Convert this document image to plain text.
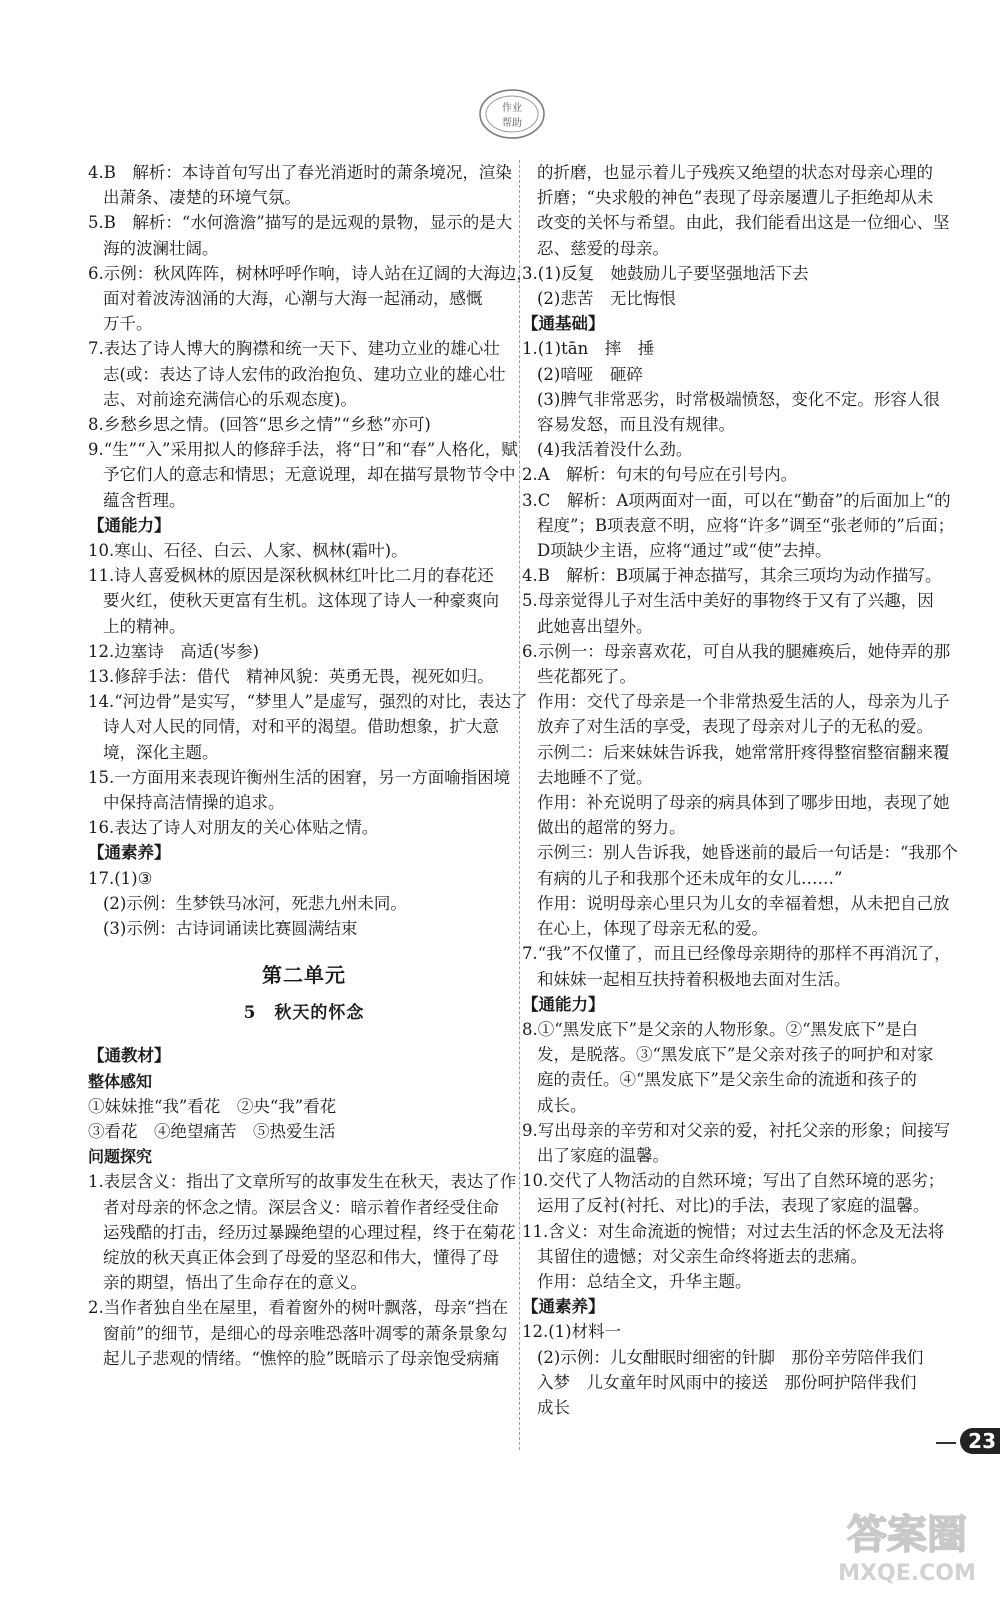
作业
帮助
4.B　解析：本诗首句写出了春光消逝时的萧条境况，渲染
出萧条、凄楚的环境气氛。
5.B　解析：“水何澹澹”描写的是远观的景物，显示的是大
海的波澜壮阔。
6.示例：秋风阵阵，树林呼呼作响，诗人站在辽阔的大海边，
面对着波涛汹涌的大海，心潮与大海一起涌动，感慨
万千。
7.表达了诗人博大的胸襟和统一天下、建功立业的雄心壮
志(或：表达了诗人宏伟的政治抱负、建功立业的雄心壮
志、对前途充满信心的乐观态度)。
8.乡愁乡思之情。(回答“思乡之情”“乡愁”亦可)
9.“生”“入”采用拟人的修辞手法，将“日”和“春”人格化，赋
予它们人的意志和情思；无意说理，却在描写景物节令中
蕴含哲理。
【通能力】
10.寒山、石径、白云、人家、枫林(霜叶)。
11.诗人喜爱枫林的原因是深秋枫林红叶比二月的春花还
要火红，使秋天更富有生机。这体现了诗人一种豪爽向
上的精神。
12.边塞诗　高适(岑参)
13.修辞手法：借代　精神风貌：英勇无畏，视死如归。
14.“河边骨”是实写，“梦里人”是虚写，强烈的对比，表达了
诗人对人民的同情，对和平的渴望。借助想象，扩大意
境，深化主题。
15.一方面用来表现许衡州生活的困窘，另一方面喻指困境
中保持高洁情操的追求。
16.表达了诗人对朋友的关心体贴之情。
【通素养】
17.(1)③
(2)示例：生梦铁马冰河，死悲九州未同。
(3)示例：古诗词诵读比赛圆满结束
第二单元
5　秋天的怀念
【通教材】
整体感知
①妹妹推“我”看花　②央“我”看花
③看花　④绝望痛苦　⑤热爱生活
问题探究
1.表层含义：指出了文章所写的故事发生在秋天，表达了作
者对母亲的怀念之情。深层含义：暗示着作者经受住命
运残酷的打击，经历过暴躁绝望的心理过程，终于在菊花
绽放的秋天真正体会到了母爱的坚忍和伟大，懂得了母
亲的期望，悟出了生命存在的意义。
2.当作者独自坐在屋里，看着窗外的树叶飘落，母亲“挡在
窗前”的细节，是细心的母亲唯恐落叶凋零的萧条景象勾
起儿子悲观的情绪。“憔悴的脸”既暗示了母亲饱受病痛
的折磨，也显示着儿子残疾又绝望的状态对母亲心理的
折磨；“央求般的神色”表现了母亲屡遭儿子拒绝却从未
改变的关怀与希望。由此，我们能看出这是一位细心、坚
忍、慈爱的母亲。
3.(1)反复　她鼓励儿子要坚强地活下去
(2)悲苦　无比悔恨
【通基础】
1.(1)tān　摔　捶
(2)喑哑　砸碎
(3)脾气非常恶劣，时常极端愤怒，变化不定。形容人很
容易发怒，而且没有规律。
(4)我活着没什么劲。
2.A　解析：句末的句号应在引号内。
3.C　解析：A项两面对一面，可以在“勤奋”的后面加上“的
程度”；B项表意不明，应将“许多”调至“张老师的”后面；
D项缺少主语，应将“通过”或“使”去掉。
4.B　解析：B项属于神态描写，其余三项均为动作描写。
5.母亲觉得儿子对生活中美好的事物终于又有了兴趣，因
此她喜出望外。
6.示例一：母亲喜欢花，可自从我的腿瘫痪后，她侍弄的那
些花都死了。
作用：交代了母亲是一个非常热爱生活的人，母亲为儿子
放弃了对生活的享受，表现了母亲对儿子的无私的爱。
示例二：后来妹妹告诉我，她常常肝疼得整宿整宿翻来覆
去地睡不了觉。
作用：补充说明了母亲的病具体到了哪步田地，表现了她
做出的超常的努力。
示例三：别人告诉我，她昏迷前的最后一句话是：“我那个
有病的儿子和我那个还未成年的女儿……”
作用：说明母亲心里只为儿女的幸福着想，从未把自己放
在心上，体现了母亲无私的爱。
7.“我”不仅懂了，而且已经像母亲期待的那样不再消沉了，
和妹妹一起相互扶持着积极地去面对生活。
【通能力】
8.①“黑发底下”是父亲的人物形象。②“黑发底下”是白
发，是脱落。③“黑发底下”是父亲对孩子的呵护和对家
庭的责任。④“黑发底下”是父亲生命的流逝和孩子的
成长。
9.写出母亲的辛劳和对父亲的爱，衬托父亲的形象；间接写
出了家庭的温馨。
10.交代了人物活动的自然环境；写出了自然环境的恶劣；
运用了反衬(衬托、对比)的手法，表现了家庭的温馨。
11.含义：对生命流逝的惋惜；对过去生活的怀念及无法将
其留住的遗憾；对父亲生命终将逝去的悲痛。
作用：总结全文，升华主题。
【通素养】
12.(1)材料一
(2)示例：儿女酣眠时细密的针脚　那份辛劳陪伴我们
入梦　儿女童年时风雨中的接送　那份呵护陪伴我们
成长
23
答案圈
MXQE.COM
